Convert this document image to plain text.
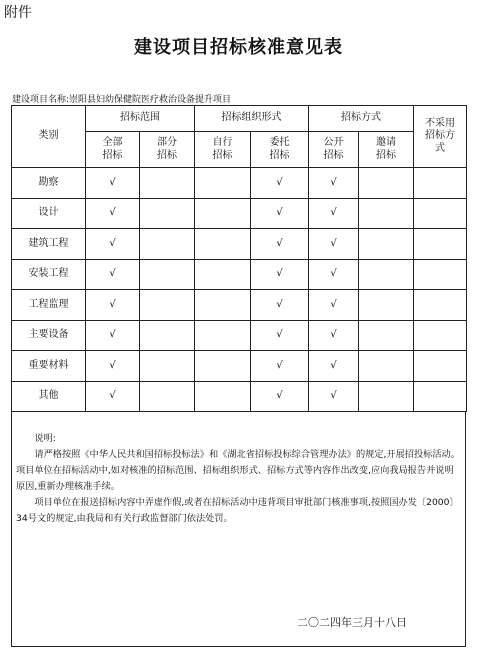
附件
建设项目招标核准意见表
建设项目名称:崇阳县妇幼保健院医疗救治设备提升项目
类别	招标范围		招标组织形式		招标方式		不采用招标方式

	全部招标	部分招标	自行招标	委托招标	公开招标	邀请招标	

勘察	√			√	√		
设计	√			√	√		
建筑工程	√			√	√		
安装工程	√			√	√		
工程监理	√			√	√		
主要设备	√			√	√		
重要材料	√			√	√		
其他	√			√	√		

说明:

请严格按照《中华人民共和国招标投标法》和《湖北省招标投标综合管理办法》的规定,开展招投标活动。项目单位在招标活动中,如对核准的招标范围、招标组织形式、招标方式等内容作出改变,应向我局报告并说明原因,重新办理核准手续。

项目单位在报送招标内容中弄虚作假,或者在招标活动中违背项目审批部门核准事项,按照国办发〔2000〕34号文的规定,由我局和有关行政监督部门依法处罚。

二〇二四年三月十八日
